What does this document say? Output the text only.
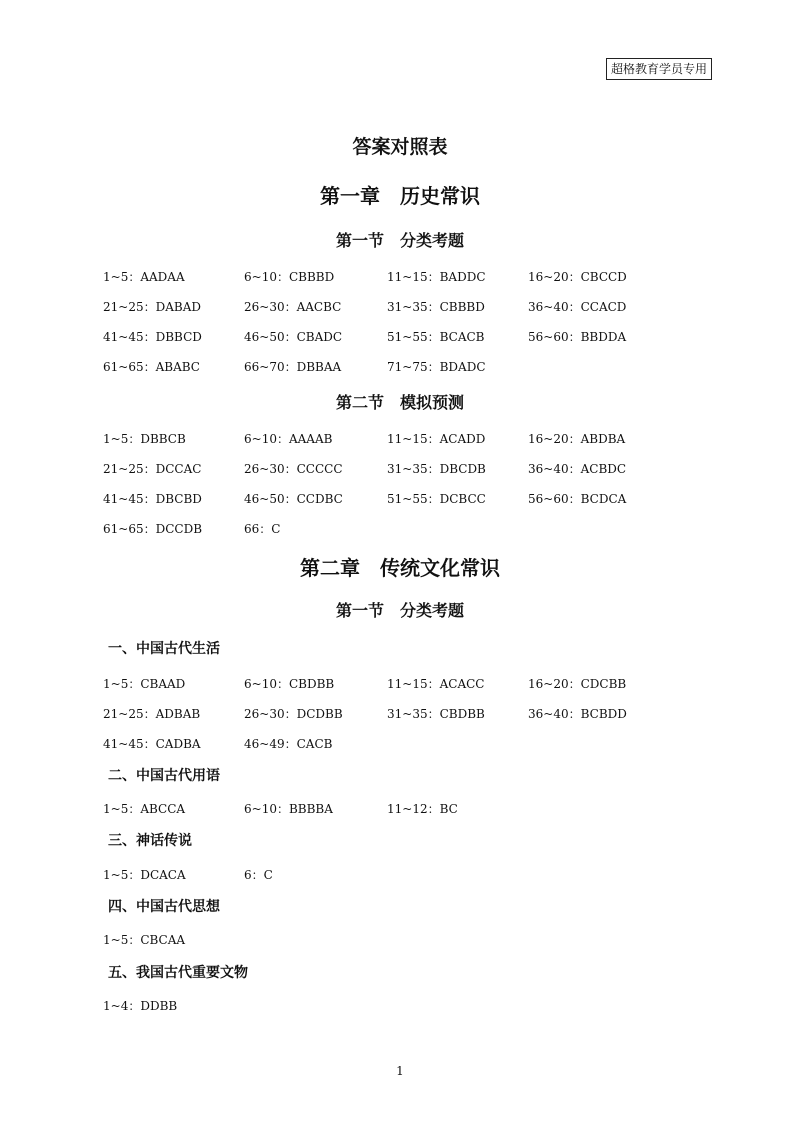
超格教育学员专用
答案对照表
第一章　历史常识
第一节　分类考题
1~5：AADAA	6~10：CBBBD	11~15：BADDC	16~20：CBCCD
21~25：DABAD	26~30：AACBC	31~35：CBBBD	36~40：CCACD
41~45：DBBCD	46~50：CBADC	51~55：BCACB	56~60：BBDDA
61~65：ABABC	66~70：DBBAA	71~75：BDADC
第二节　模拟预测
1~5：DBBCB	6~10：AAAAB	11~15：ACADD	16~20：ABDBA
21~25：DCCAC	26~30：CCCCC	31~35：DBCDB	36~40：ACBDC
41~45：DBCBD	46~50：CCDBC	51~55：DCBCC	56~60：BCDCA
61~65：DCCDB	66：C
第二章　传统文化常识
第一节　分类考题
一、中国古代生活
1~5：CBAAD	6~10：CBDBB	11~15：ACACC	16~20：CDCBB
21~25：ADBAB	26~30：DCDBB	31~35：CBDBB	36~40：BCBDD
41~45：CADBA	46~49：CACB
二、中国古代用语
1~5：ABCCA	6~10：BBBBA	11~12：BC
三、神话传说
1~5：DCACA	6：C
四、中国古代思想
1~5：CBCAA
五、我国古代重要文物
1~4：DDBB
1
